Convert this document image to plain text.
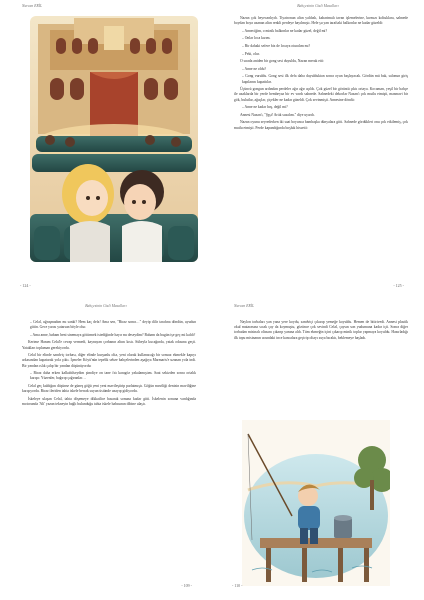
Nurcan ERİL
- 124 -
Bahçesinin Gizli Masalları

Nazan çok heyecanlıydı. Tiyatronun altın yaldızlı, kabartmalı tavan işlemelerine, kırmızı koltuklara, sahnede boydan boya uzanan altın renkli perdeye bayılmıştı. Hele şu yan taraftaki balkonlar ne kadar güzeldi:

– Anneciğim, o minik balkonlar ne kadar güzel, değil mi?

– Onlar loca kızım.

– Bir dahaki sefere biz de locaya oturalım mı?

– Peki, olur.

O sırada aniden bir gong sesi duyuldu, Nazan merak etti:

– Anne ne oldu?

– Gong vuruldu. Gong sesi ilk defa daha duyulduktan sonra oyun başlayacak. Gördün mü bak, salonun giriş kapılarını kapattılar.

Üçüncü gongun ardından perdeler ağır ağır açıldı. Çok güzel bir görüntü çıktı ortaya. Kocaman, yeşil bir bahçe ile uzaklarda bir yerde bembeyaz bir ev vardı sahnede. Sahnedeki dekorlar Nazan'ı çok mutlu etmişti, masmavi bir gök, bulutlar, ağaçlar, çiçekler ne kadar güzeldi. Çok sevinmişti. Annesine döndü:

– Anne ne kadar hoş, değil mi?

Annesi Nazan'ı, "Şşşt! Artık susalım." diye uyardı.

Nazan oyunu seyrederken iki saat boyunca bambaşka dünyalara gitti. Sahnede gördükleri onu çok etkilemiş, çok mutlu etmişti. Perde kapandığında boşluk hissetti:

- 125 -
Bahçesinin Gizli Masalları

– Celal, uğraşmadım mı sanki? Hem kaç defa! Ama sen, "Biraz sonra…" deyip dilir tarafına döndün, uyudun gittin. Gece yarısı yatarsan böyle olur.

– Ama anne, babam beni sinemaya götürmek istediğinde hayır mı deseydim? Babam da bugün işe geç mi kaldı?

Kerime Hanım Celal'e cevap vermedi, kaynayan çorbanın altını kıstı. Süheyla kucağında, yatak odasına geçti. Yatakları toplaman gerekiyordu.

Celal bir elinde sandviç torbası, diğer elinde kurşunlu olta, yeni olarak kullanacağı bir sonsuz ekmekle kapıyı arkasından kapatarak yola çıktı. İçmeler Köyü'nün tepelik sebze bahçelerinden aşağıya Marmaris'e uzanan yola indi. Bir yandan ıslık çalıp bir yandan düşünüyordu:

– Biraz daha erken kalkabilseydim şimdiye on tane fıtı karagöz yakalamıştım. Saat sekizden sonra ortalık karışır. Yüzenler, bağırıp çağıranlar…

Celal geç kaldığını düşünse de güneş göğü yeni yeni mavileştirip parlatmıştı. Göğün maviliği denizin maviliğine karışıyordu. Biraz ileriden tahta iskele berrak suyun üstünde uzayıp gidiyordu.

İskeleye ulaşan Celal, tahta döşemeye dikkatlice basarak sonuna kadar gitti. İskelenin sonuna vardığında motorunda 'Ali' yazan tekneyin bağlı bulunduğu tahta iskele babasının dibine ulaştı.

- 109 -
Nurcan ERİL

Naylon torbaları yan yana yere koydu, sandviçi çıkarıp yemeğe koyuldu. Hemen de bitirivedi. Annesi plastik okul matarasına sıcak çay da koymuştu, gözünce çok sevindi Celal, çaysın son yudumuna kadar içti. Sonra diğer torbadan misinalı oltasını çıkarıp yanına aldı. Tüm ekmeğin içini çıkarıp minik toplar yapmaya koyuldu. Hazırladığı ilk topu misinanın ucundaki ince kancalara geçirip oltayı suya bıraktı, beklemeye başladı.

- 110 -
